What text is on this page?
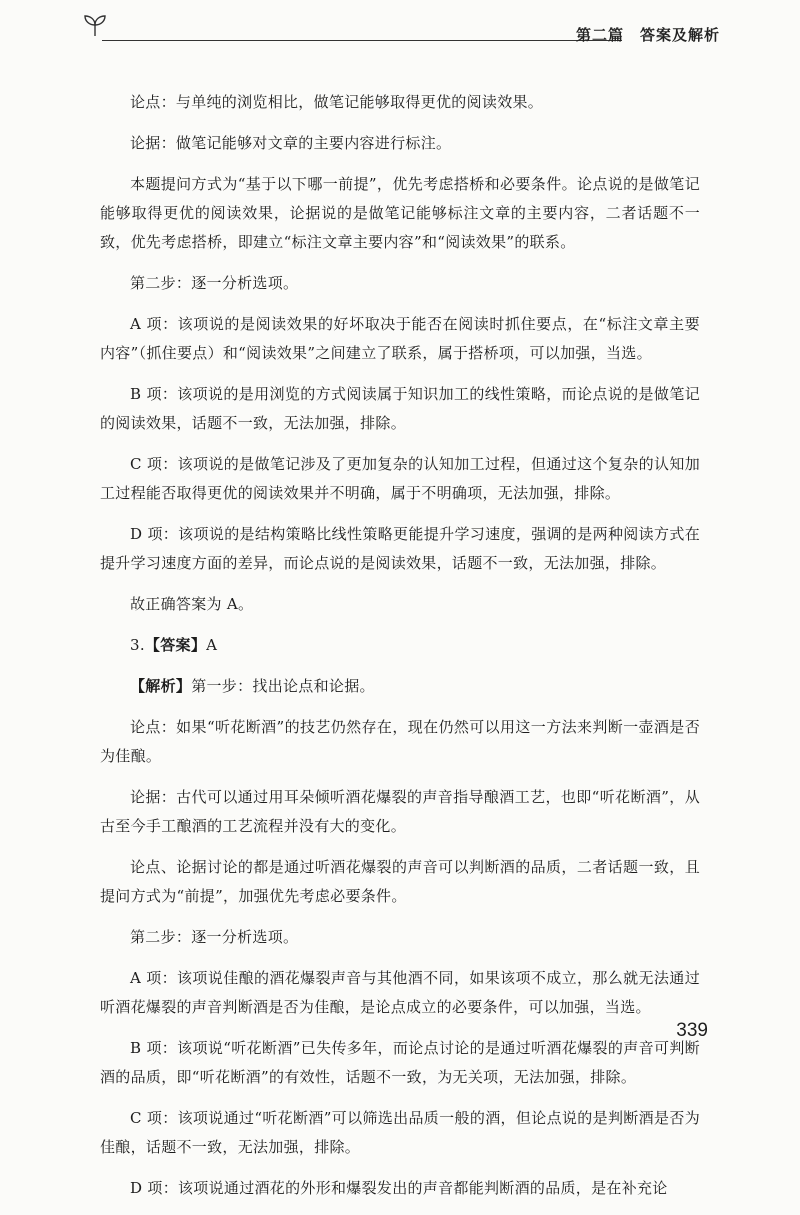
第二篇　答案及解析

论点：与单纯的浏览相比，做笔记能够取得更优的阅读效果。

论据：做笔记能够对文章的主要内容进行标注。

本题提问方式为“基于以下哪一前提”，优先考虑搭桥和必要条件。论点说的是做笔记能够取得更优的阅读效果，论据说的是做笔记能够标注文章的主要内容，二者话题不一致，优先考虑搭桥，即建立“标注文章主要内容”和“阅读效果”的联系。

第二步：逐一分析选项。

A 项：该项说的是阅读效果的好坏取决于能否在阅读时抓住要点，在“标注文章主要内容”（抓住要点）和“阅读效果”之间建立了联系，属于搭桥项，可以加强，当选。

B 项：该项说的是用浏览的方式阅读属于知识加工的线性策略，而论点说的是做笔记的阅读效果，话题不一致，无法加强，排除。

C 项：该项说的是做笔记涉及了更加复杂的认知加工过程，但通过这个复杂的认知加工过程能否取得更优的阅读效果并不明确，属于不明确项，无法加强，排除。

D 项：该项说的是结构策略比线性策略更能提升学习速度，强调的是两种阅读方式在提升学习速度方面的差异，而论点说的是阅读效果，话题不一致，无法加强，排除。

故正确答案为 A。

3.【答案】A

【解析】第一步：找出论点和论据。

论点：如果“听花断酒”的技艺仍然存在，现在仍然可以用这一方法来判断一壶酒是否为佳酿。

论据：古代可以通过用耳朵倾听酒花爆裂的声音指导酿酒工艺，也即“听花断酒”，从古至今手工酿酒的工艺流程并没有大的变化。

论点、论据讨论的都是通过听酒花爆裂的声音可以判断酒的品质，二者话题一致，且提问方式为“前提”，加强优先考虑必要条件。

第二步：逐一分析选项。

A 项：该项说佳酿的酒花爆裂声音与其他酒不同，如果该项不成立，那么就无法通过听酒花爆裂的声音判断酒是否为佳酿，是论点成立的必要条件，可以加强，当选。

B 项：该项说“听花断酒”已失传多年，而论点讨论的是通过听酒花爆裂的声音可判断酒的品质，即“听花断酒”的有效性，话题不一致，为无关项，无法加强，排除。

C 项：该项说通过“听花断酒”可以筛选出品质一般的酒，但论点说的是判断酒是否为佳酿，话题不一致，无法加强，排除。

D 项：该项说通过酒花的外形和爆裂发出的声音都能判断酒的品质，是在补充论

339
